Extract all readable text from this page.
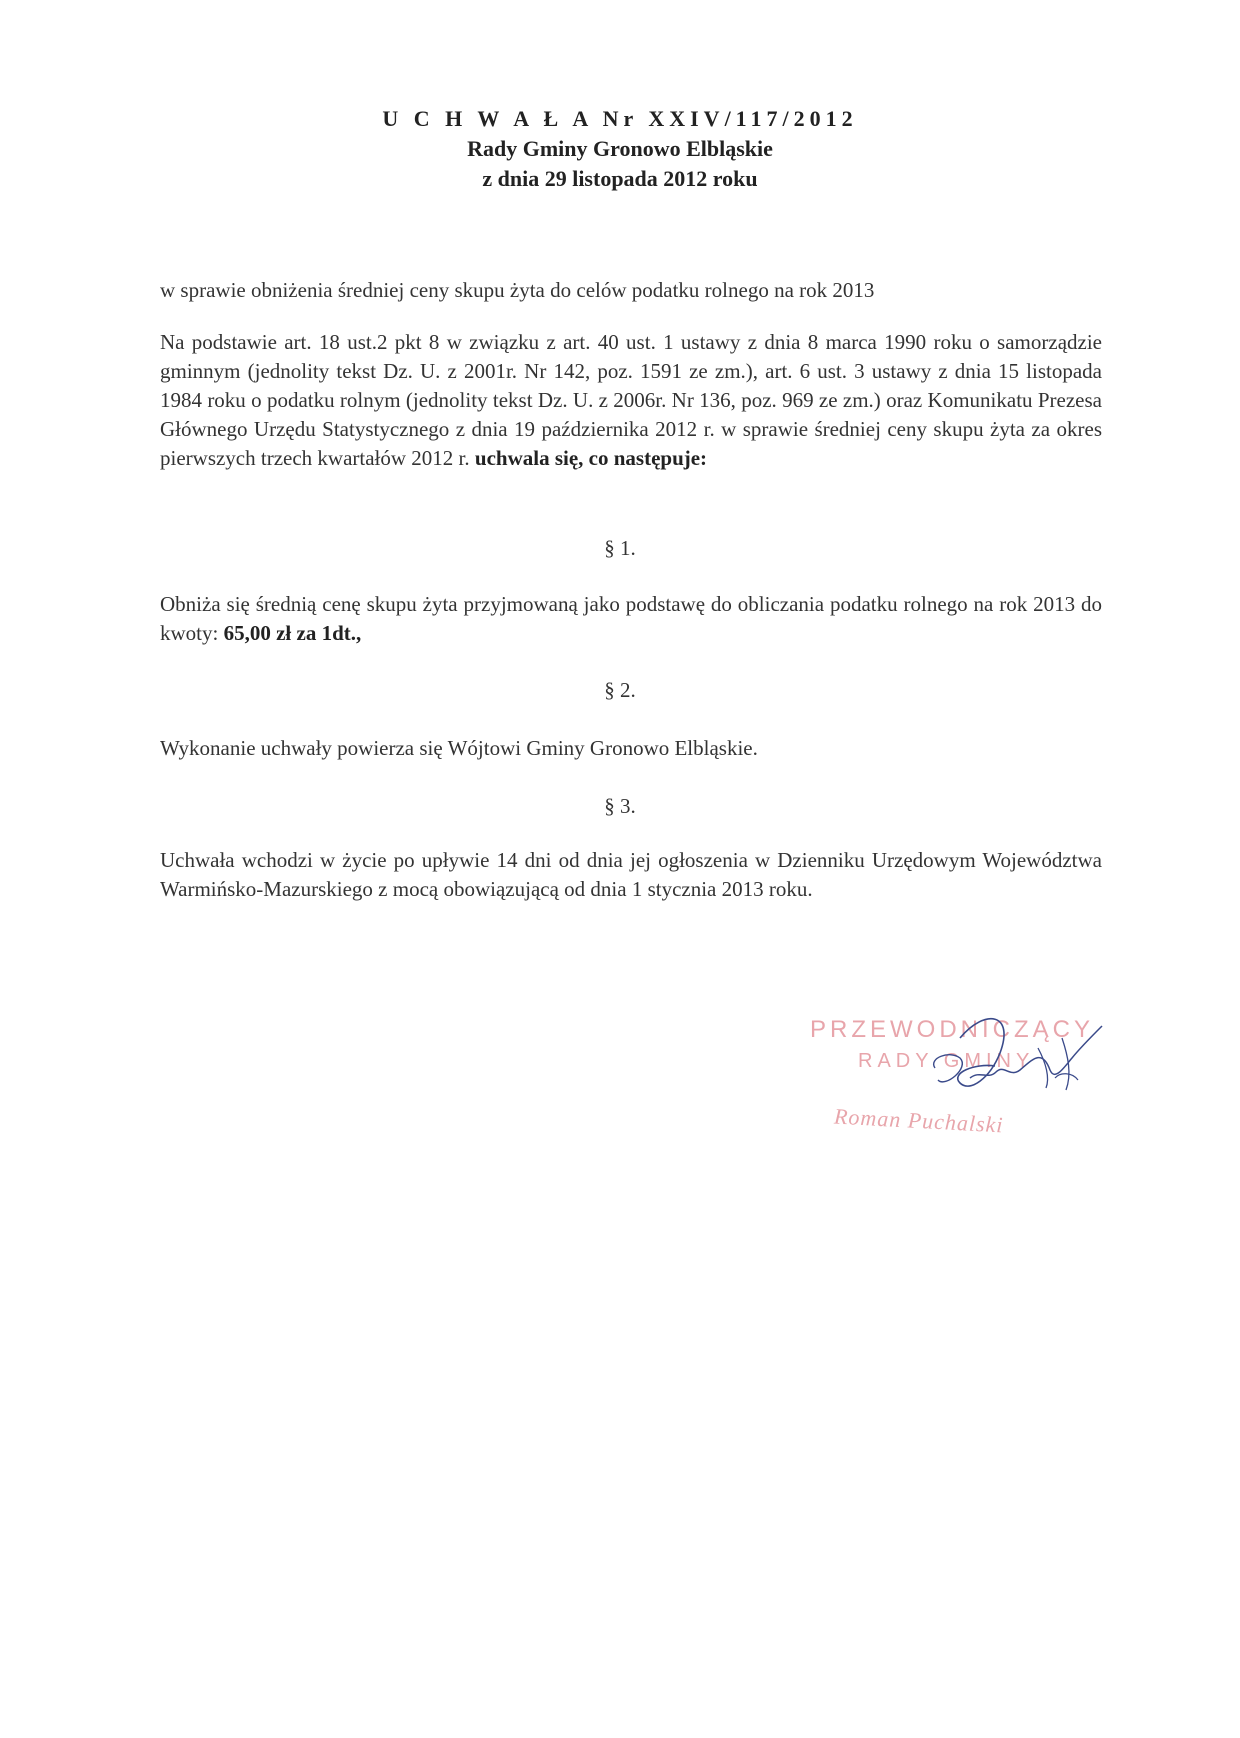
U C H W A Ł A Nr XXIV/117/2012
Rady Gminy Gronowo Elbląskie
z dnia 29 listopada 2012 roku
w sprawie obniżenia średniej ceny skupu żyta do celów podatku rolnego na rok 2013
Na podstawie art. 18 ust.2 pkt 8 w związku z art. 40 ust. 1 ustawy z dnia 8 marca 1990 roku o samorządzie gminnym (jednolity tekst Dz. U. z 2001r. Nr 142, poz. 1591 ze zm.), art. 6 ust. 3 ustawy z dnia 15 listopada 1984 roku o podatku rolnym (jednolity tekst Dz. U. z 2006r. Nr 136, poz. 969 ze zm.) oraz Komunikatu Prezesa Głównego Urzędu Statystycznego z dnia 19 października 2012 r. w sprawie średniej ceny skupu żyta za okres pierwszych trzech kwartałów 2012 r. uchwala się, co następuje:
§ 1.
Obniża się średnią cenę skupu żyta przyjmowaną jako podstawę do obliczania podatku rolnego na rok 2013 do kwoty: 65,00 zł za 1dt.,
§ 2.
Wykonanie uchwały powierza się Wójtowi Gminy Gronowo Elbląskie.
§ 3.
Uchwała wchodzi w życie po upływie 14 dni od dnia jej ogłoszenia w Dzienniku Urzędowym Województwa Warmińsko-Mazurskiego z mocą obowiązującą od dnia 1 stycznia 2013 roku.
PRZEWODNICZĄCY
RADY GMINY
Roman Puchalski
